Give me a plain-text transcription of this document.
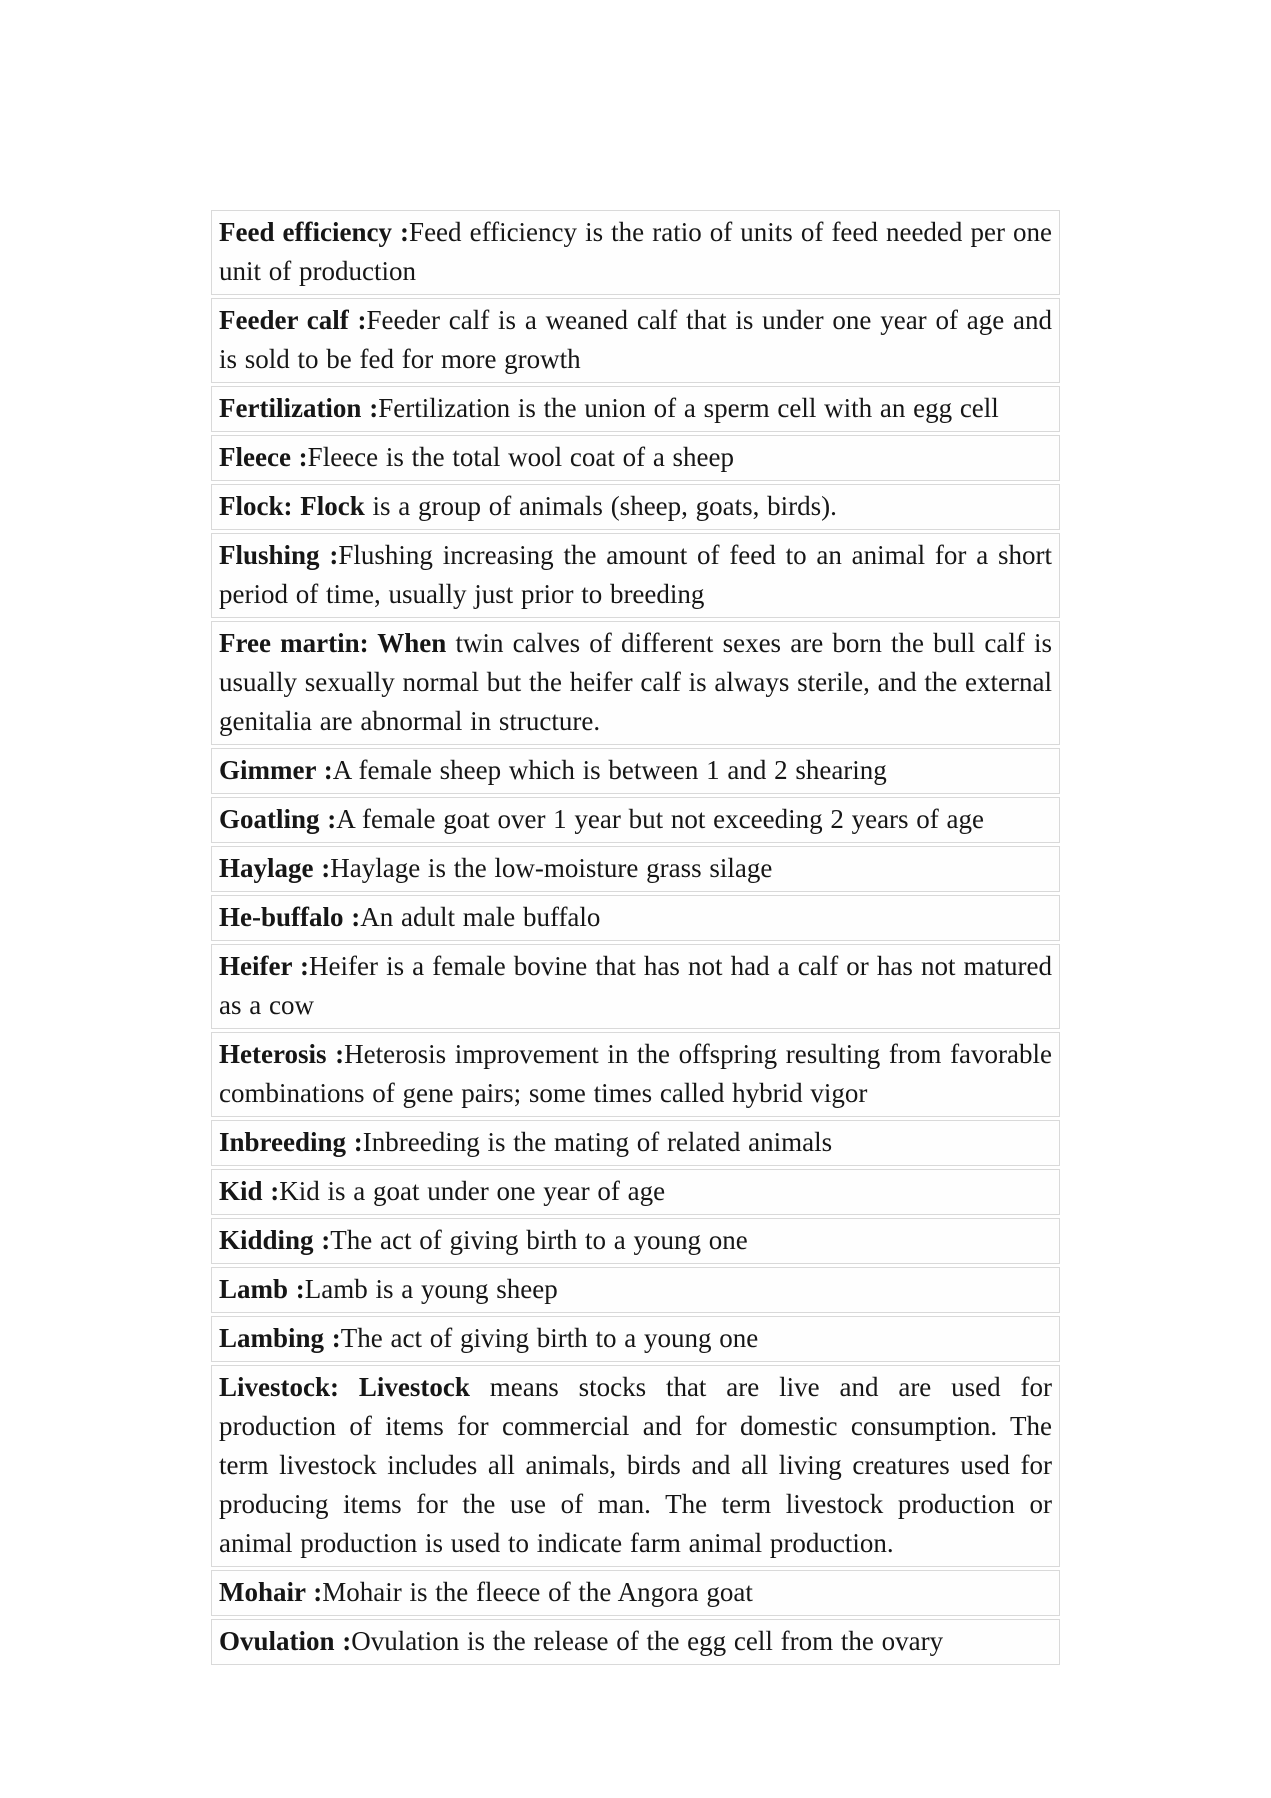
Feed efficiency :Feed efficiency is the ratio of units of feed needed per one unit of production
Feeder calf :Feeder calf is a weaned calf that is under one year of age and is sold to be fed for more growth
Fertilization :Fertilization is the union of a sperm cell with an egg cell
Fleece :Fleece is the total wool coat of a sheep
Flock: Flock is a group of animals (sheep, goats, birds).
Flushing :Flushing increasing the amount of feed to an animal for a short period of time, usually just prior to breeding
Free martin: When twin calves of different sexes are born the bull calf is usually sexually normal but the heifer calf is always sterile, and the external genitalia are abnormal in structure.
Gimmer :A female sheep which is between 1 and 2 shearing
Goatling :A female goat over 1 year but not exceeding 2 years of age
Haylage :Haylage is the low-moisture grass silage
He-buffalo :An adult male buffalo
Heifer :Heifer is a female bovine that has not had a calf or has not matured as a cow
Heterosis :Heterosis improvement in the offspring resulting from favorable combinations of gene pairs; some times called hybrid vigor
Inbreeding :Inbreeding is the mating of related animals
Kid :Kid is a goat under one year of age
Kidding :The act of giving birth to a young one
Lamb :Lamb is a young sheep
Lambing :The act of giving birth to a young one
Livestock: Livestock means stocks that are live and are used for production of items for commercial and for domestic consumption. The term livestock includes all animals, birds and all living creatures used for producing items for the use of man. The term livestock production or animal production is used to indicate farm animal production.
Mohair :Mohair is the fleece of the Angora goat
Ovulation :Ovulation is the release of the egg cell from the ovary
